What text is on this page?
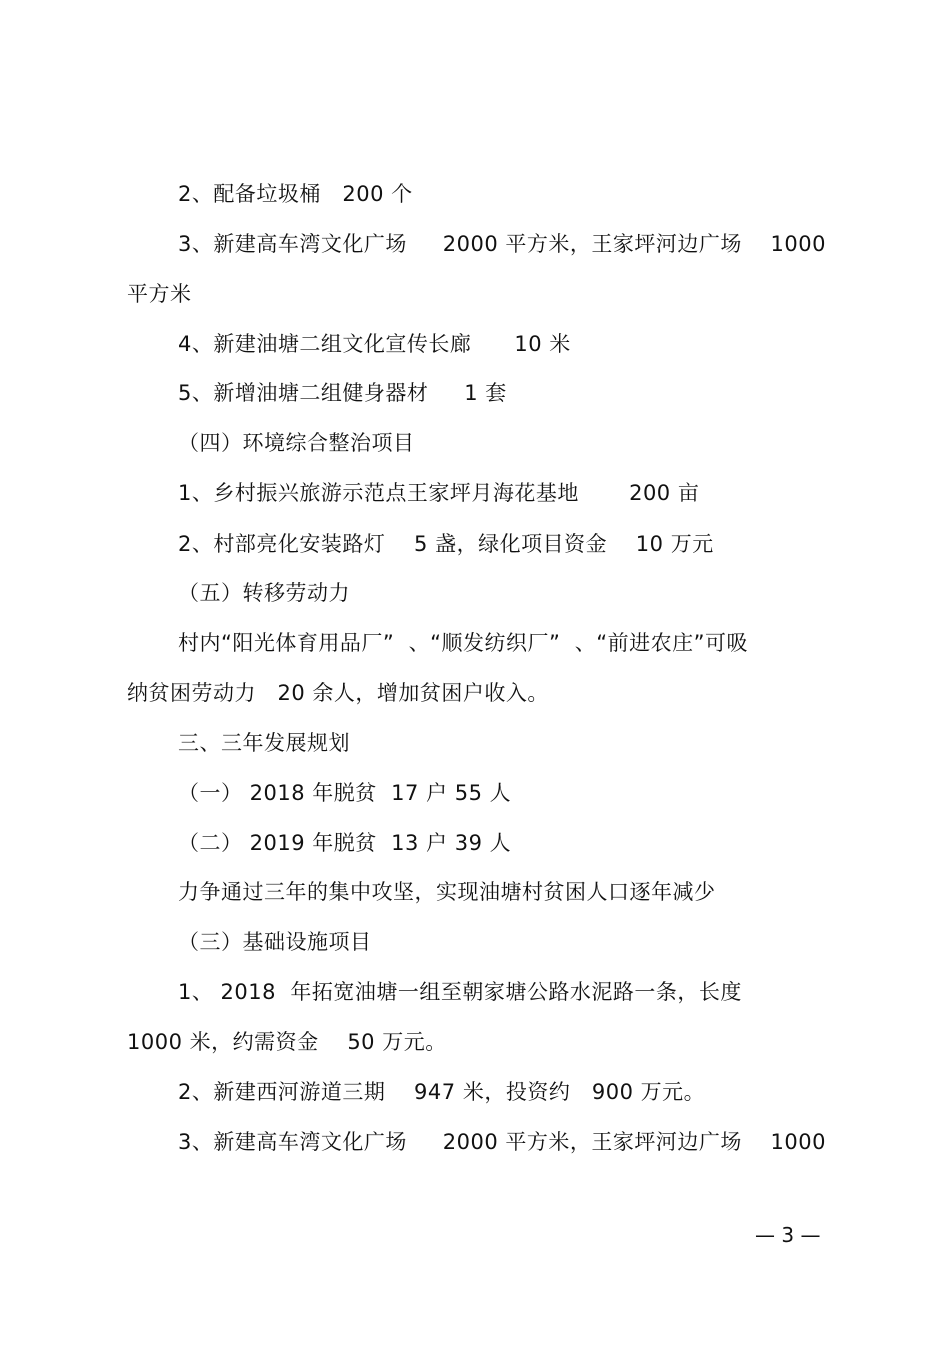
2、配备垃圾桶   200 个
3、新建高车湾文化广场     2000 平方米，王家坪河边广场    1000
平方米
4、新建油塘二组文化宣传长廊      10 米
5、新增油塘二组健身器材     1 套
（四）环境综合整治项目
1、乡村振兴旅游示范点王家坪月海花基地       200 亩
2、村部亮化安装路灯    5 盏，绿化项目资金    10 万元
（五）转移劳动力
村内“阳光体育用品厂”  、“顺发纺织厂”  、“前进农庄”可吸
纳贫困劳动力   20 余人，增加贫困户收入。
三、三年发展规划
（一） 2018 年脱贫  17 户 55 人
（二） 2019 年脱贫  13 户 39 人
力争通过三年的集中攻坚，实现油塘村贫困人口逐年减少
（三）基础设施项目
1、 2018  年拓宽油塘一组至朝家塘公路水泥路一条，长度
1000 米，约需资金    50 万元。
2、新建西河游道三期    947 米，投资约   900 万元。
3、新建高车湾文化广场     2000 平方米，王家坪河边广场    1000
— 3 —
